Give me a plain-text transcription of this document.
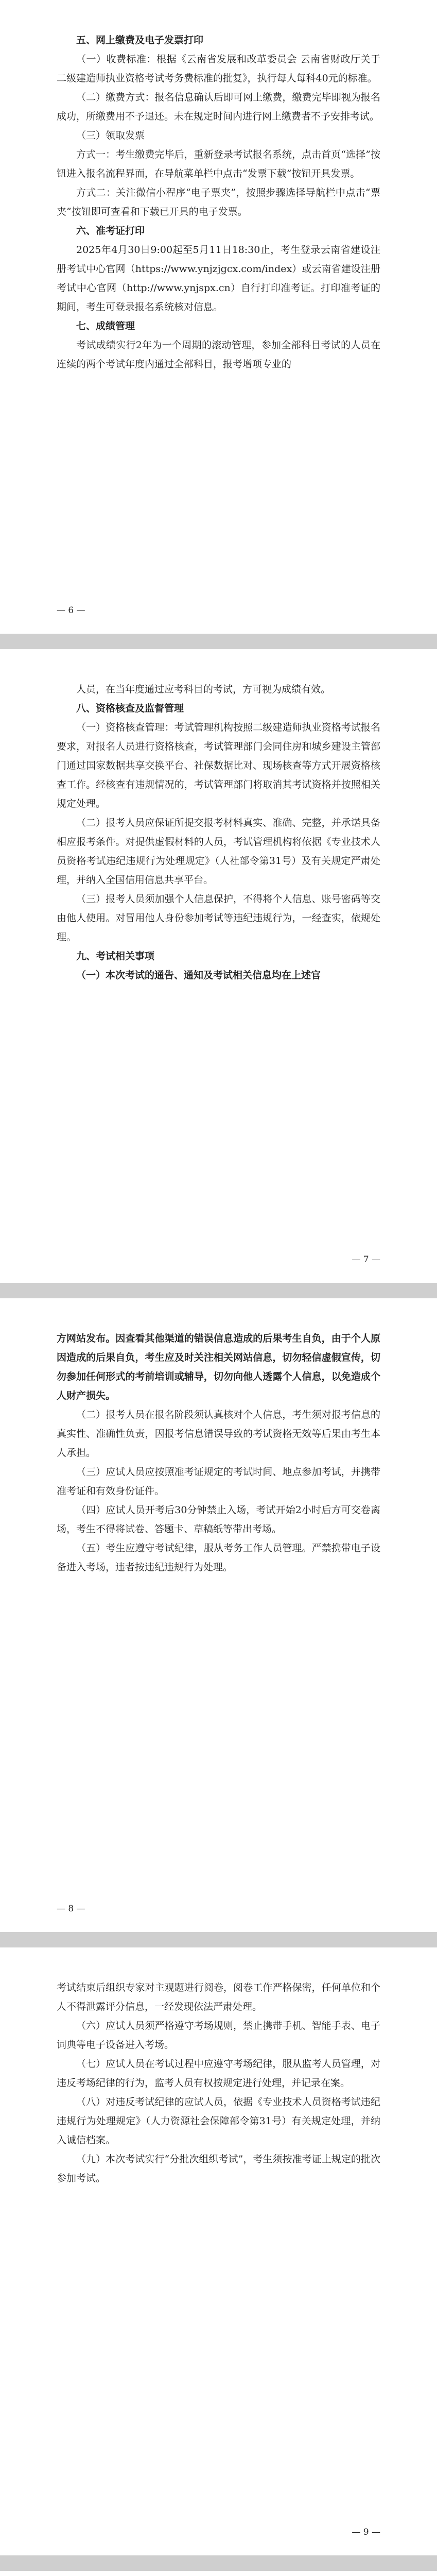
五、网上缴费及电子发票打印

（一）收费标准：根据《云南省发展和改革委员会 云南省财政厅关于二级建造师执业资格考试考务费标准的批复》，执行每人每科40元的标准。

（二）缴费方式：报名信息确认后即可网上缴费，缴费完毕即视为报名成功，所缴费用不予退还。未在规定时间内进行网上缴费者不予安排考试。

（三）领取发票

方式一：考生缴费完毕后，重新登录考试报名系统，点击首页“选择”按钮进入报名流程界面，在导航菜单栏中点击“发票下载”按钮开具发票。

方式二：关注微信小程序“电子票夹”，按照步骤选择导航栏中点击“票夹”按钮即可查看和下载已开具的电子发票。

六、准考证打印

2025年4月30日9:00起至5月11日18:30止，考生登录云南省建设注册考试中心官网（https://www.ynjzjgcx.com/index）或云南省建设注册考试中心官网（http://www.ynjspx.cn）自行打印准考证。打印准考证的期间，考生可登录报名系统核对信息。

七、成绩管理

考试成绩实行2年为一个周期的滚动管理，参加全部科目考试的人员在连续的两个考试年度内通过全部科目，报考增项专业的

— 6 —

人员，在当年度通过应考科目的考试，方可视为成绩有效。

八、资格核查及监督管理

（一）资格核查管理：考试管理机构按照二级建造师执业资格考试报名要求，对报名人员进行资格核查，考试管理部门会同住房和城乡建设主管部门通过国家数据共享交换平台、社保数据比对、现场核查等方式开展资格核查工作。经核查有违规情况的，考试管理部门将取消其考试资格并按照相关规定处理。

（二）报考人员应保证所提交报考材料真实、准确、完整，并承诺具备相应报考条件。对提供虚假材料的人员，考试管理机构将依据《专业技术人员资格考试违纪违规行为处理规定》（人社部令第31号）及有关规定严肃处理，并纳入全国信用信息共享平台。

（三）报考人员须加强个人信息保护，不得将个人信息、账号密码等交由他人使用。对冒用他人身份参加考试等违纪违规行为，一经查实，依规处理。

九、考试相关事项

（一）本次考试的通告、通知及考试相关信息均在上述官

— 7 —

方网站发布。因查看其他渠道的错误信息造成的后果考生自负，由于个人原因造成的后果自负，考生应及时关注相关网站信息，切勿轻信虚假宣传，切勿参加任何形式的考前培训或辅导，切勿向他人透露个人信息，以免造成个人财产损失。

（二）报考人员在报名阶段须认真核对个人信息，考生须对报考信息的真实性、准确性负责，因报考信息错误导致的考试资格无效等后果由考生本人承担。

（三）应试人员应按照准考证规定的考试时间、地点参加考试，并携带准考证和有效身份证件。

（四）应试人员开考后30分钟禁止入场，考试开始2小时后方可交卷离场，考生不得将试卷、答题卡、草稿纸等带出考场。

（五）考生应遵守考试纪律，服从考务工作人员管理。严禁携带电子设备进入考场，违者按违纪违规行为处理。

— 8 —

考试结束后组织专家对主观题进行阅卷，阅卷工作严格保密，任何单位和个人不得泄露评分信息，一经发现依法严肃处理。

（六）应试人员须严格遵守考场规则，禁止携带手机、智能手表、电子词典等电子设备进入考场。

（七）应试人员在考试过程中应遵守考场纪律，服从监考人员管理，对违反考场纪律的行为，监考人员有权按规定进行处理，并记录在案。

（八）对违反考试纪律的应试人员，依据《专业技术人员资格考试违纪违规行为处理规定》（人力资源社会保障部令第31号）有关规定处理，并纳入诚信档案。

（九）本次考试实行“分批次组织考试”，考生须按准考证上规定的批次参加考试。

— 9 —
